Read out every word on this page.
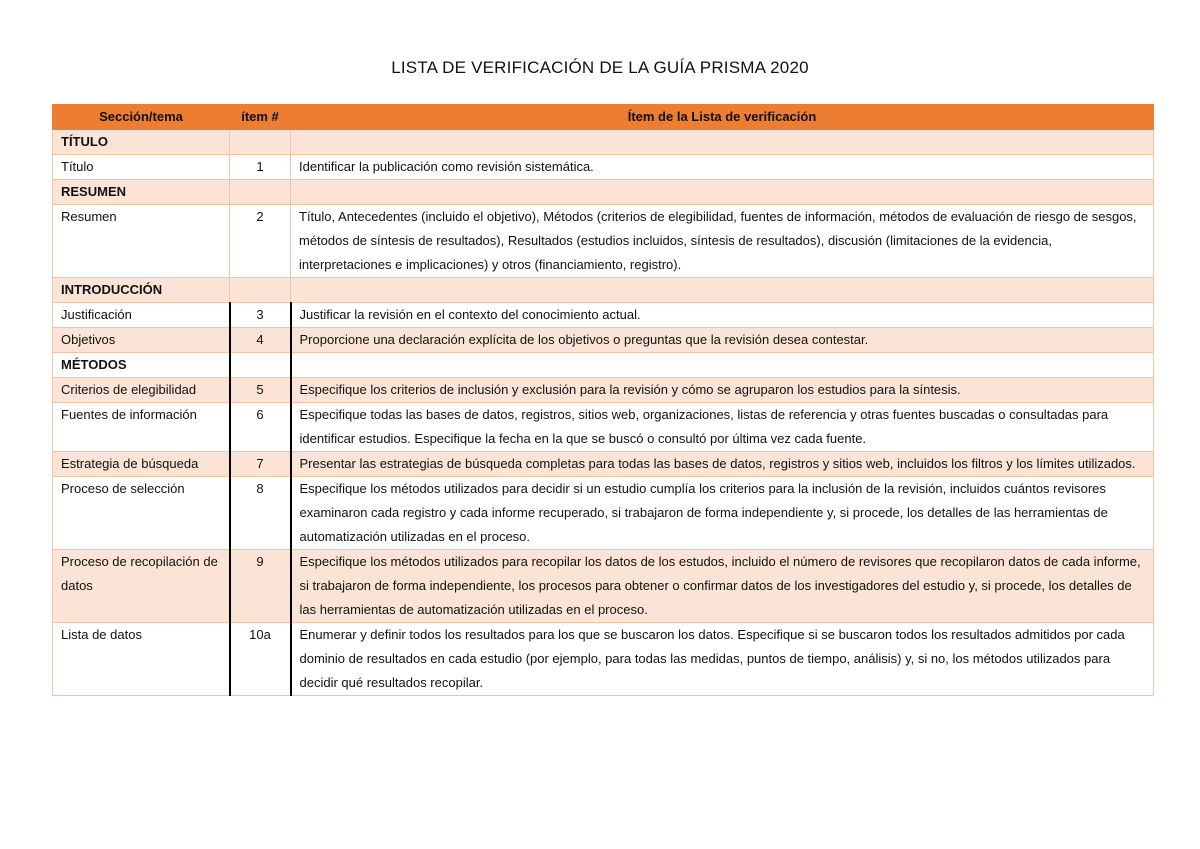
LISTA DE VERIFICACIÓN DE LA GUÍA PRISMA 2020
Sección/tema	ítem #	Ítem de la Lista de verificación
TÍTULO		
Título	1	Identificar la publicación como revisión sistemática.
RESUMEN		
Resumen	2	Título, Antecedentes (incluido el objetivo), Métodos (criterios de elegibilidad, fuentes de información, métodos de evaluación de riesgo de sesgos, métodos de síntesis de resultados), Resultados (estudios incluidos, síntesis de resultados), discusión (limitaciones de la evidencia, interpretaciones e implicaciones) y otros (financiamiento, registro).
INTRODUCCIÓN		
Justificación	3	Justificar la revisión en el contexto del conocimiento actual.
Objetivos	4	Proporcione una declaración explícita de los objetivos o preguntas que la revisión desea contestar.
MÉTODOS		
Criterios de elegibilidad	5	Especifique los criterios de inclusión y exclusión para la revisión y cómo se agruparon los estudios para la síntesis.
Fuentes de información	6	Especifique todas las bases de datos, registros, sitios web, organizaciones, listas de referencia y otras fuentes buscadas o consultadas para identificar estudios. Especifique la fecha en la que se buscó o consultó por última vez cada fuente.
Estrategia de búsqueda	7	Presentar las estrategias de búsqueda completas para todas las bases de datos, registros y sitios web, incluidos los filtros y los límites utilizados.
Proceso de selección	8	Especifique los métodos utilizados para decidir si un estudio cumplía los criterios para la inclusión de la revisión, incluidos cuántos revisores examinaron cada registro y cada informe recuperado, si trabajaron de forma independiente y, si procede, los detalles de las herramientas de automatización utilizadas en el proceso.
Proceso de recopilación de datos	9	Especifique los métodos utilizados para recopilar los datos de los estudos, incluido el número de revisores que recopilaron datos de cada informe, si trabajaron de forma independiente, los procesos para obtener o confirmar datos de los investigadores del estudio y, si procede, los detalles de las herramientas de automatización utilizadas en el proceso.
Lista de datos	10a	Enumerar y definir todos los resultados para los que se buscaron los datos. Especifique si se buscaron todos los resultados admitidos por cada dominio de resultados en cada estudio (por ejemplo, para todas las medidas, puntos de tiempo, análisis) y, si no, los métodos utilizados para decidir qué resultados recopilar.
